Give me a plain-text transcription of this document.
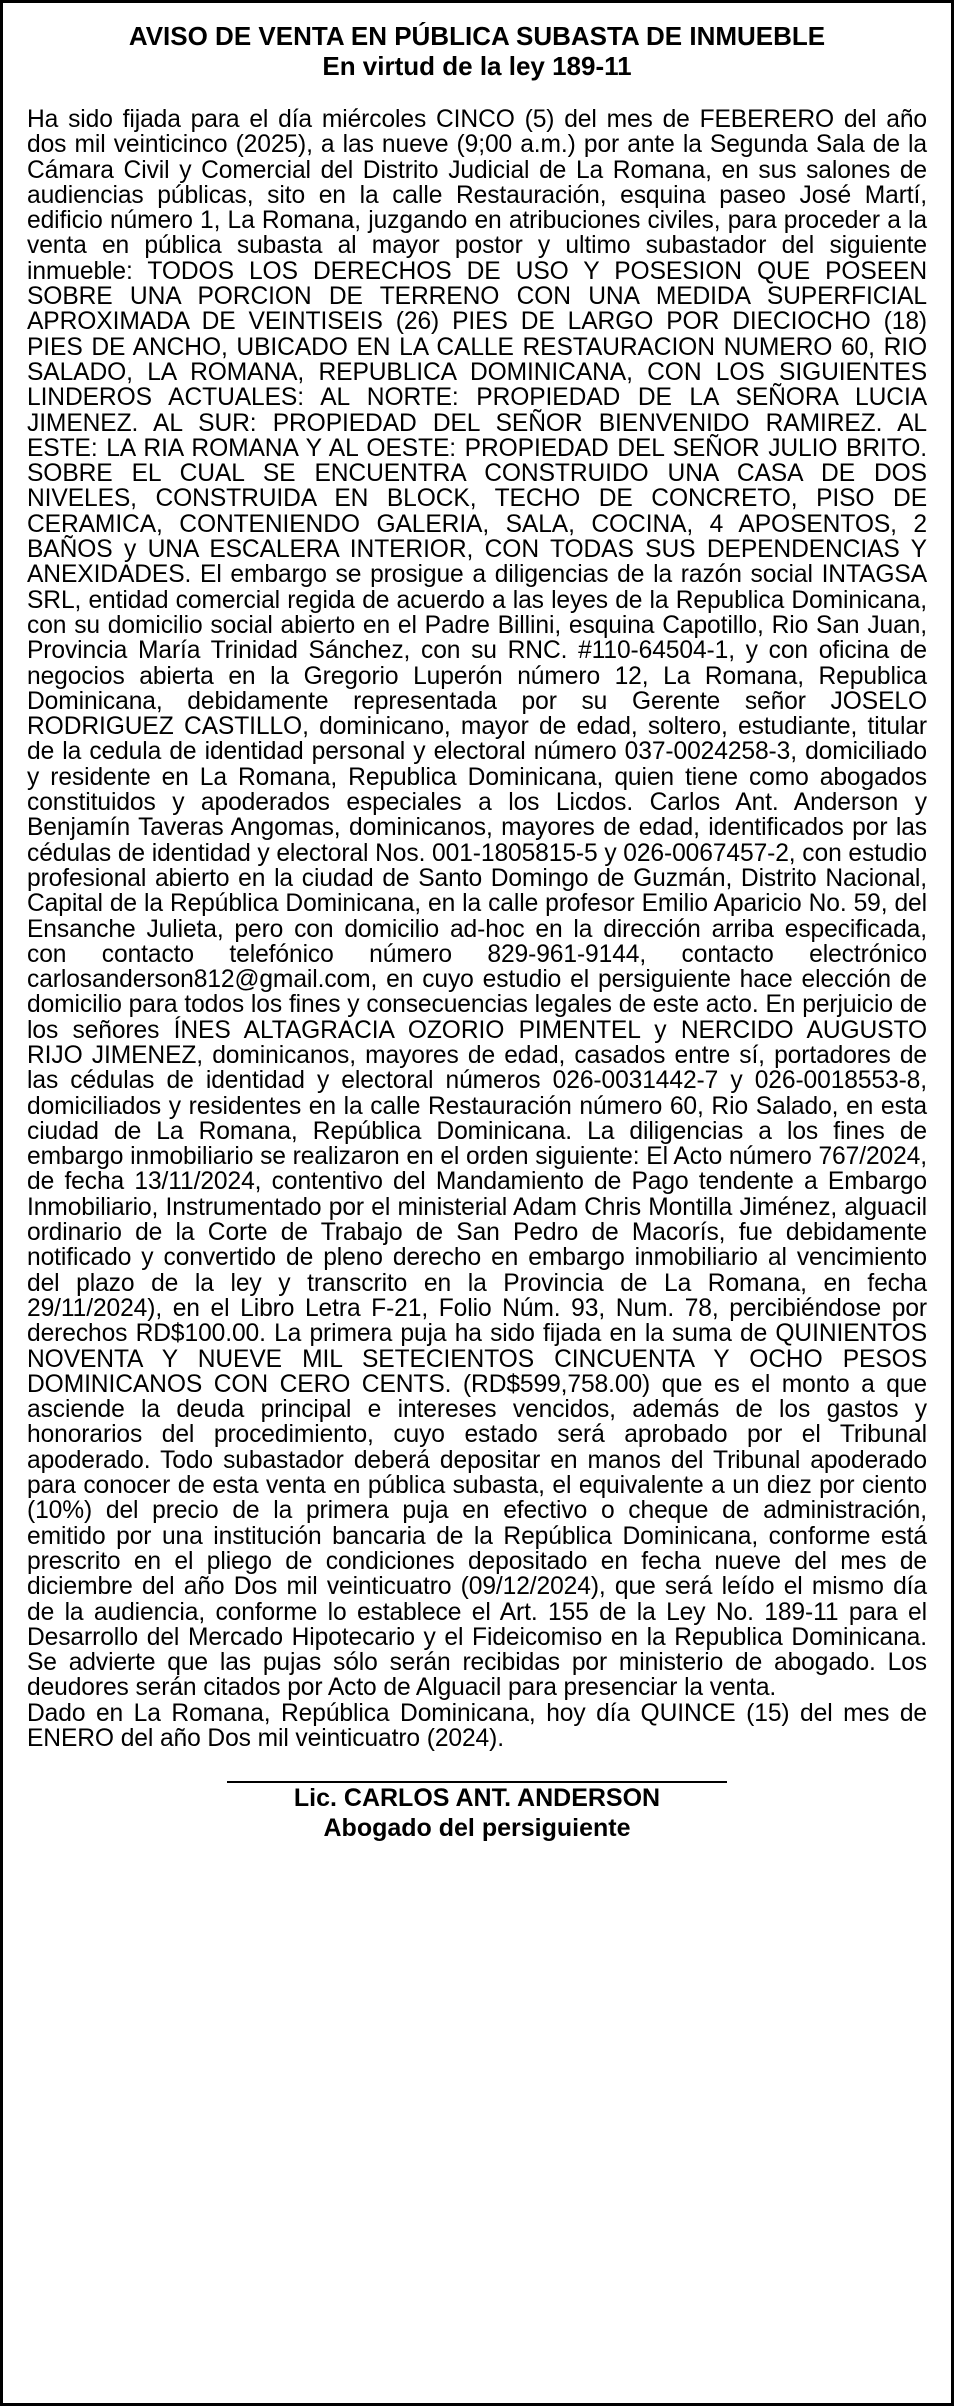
AVISO DE VENTA EN PÚBLICA SUBASTA DE INMUEBLE
En virtud de la ley 189-11

Ha sido fijada para el día miércoles CINCO (5) del mes de FEBERERO del año dos mil veinticinco (2025), a las nueve (9;00 a.m.) por ante la Segunda Sala de la Cámara Civil y Comercial del Distrito Judicial de La Romana, en sus salones de audiencias públicas, sito en la calle Restauración, esquina paseo José Martí, edificio número 1, La Romana, juzgando en atribuciones civiles, para proceder a la venta en pública subasta al mayor postor y ultimo subastador del siguiente inmueble: TODOS LOS DERECHOS DE USO Y POSESION QUE POSEEN SOBRE UNA PORCION DE TERRENO CON UNA MEDIDA SUPERFICIAL APROXIMADA DE VEINTISEIS (26) PIES DE LARGO POR DIECIOCHO (18) PIES DE ANCHO, UBICADO EN LA CALLE RESTAURACION NUMERO 60, RIO SALADO, LA ROMANA, REPUBLICA DOMINICANA, CON LOS SIGUIENTES LINDEROS ACTUALES: AL NORTE: PROPIEDAD DE LA SEÑORA LUCIA JIMENEZ. AL SUR: PROPIEDAD DEL SEÑOR BIENVENIDO RAMIREZ. AL ESTE: LA RIA ROMANA Y AL OESTE: PROPIEDAD DEL SEÑOR JULIO BRITO. SOBRE EL CUAL SE ENCUENTRA CONSTRUIDO UNA CASA DE DOS NIVELES, CONSTRUIDA EN BLOCK, TECHO DE CONCRETO, PISO DE CERAMICA, CONTENIENDO GALERIA, SALA, COCINA, 4 APOSENTOS, 2 BAÑOS y UNA ESCALERA INTERIOR, CON TODAS SUS DEPENDENCIAS Y ANEXIDADES. El embargo se prosigue a diligencias de la razón social INTAGSA SRL, entidad comercial regida de acuerdo a las leyes de la Republica Dominicana, con su domicilio social abierto en el Padre Billini, esquina Capotillo, Rio San Juan, Provincia María Trinidad Sánchez, con su RNC. #110-64504-1, y con oficina de negocios abierta en la Gregorio Luperón número 12, La Romana, Republica Dominicana, debidamente representada por su Gerente señor JOSELO RODRIGUEZ CASTILLO, dominicano, mayor de edad, soltero, estudiante, titular de la cedula de identidad personal y electoral número 037-0024258-3, domiciliado y residente en La Romana, Republica Dominicana, quien tiene como abogados constituidos y apoderados especiales a los Licdos. Carlos Ant. Anderson y Benjamín Taveras Angomas, dominicanos, mayores de edad, identificados por las cédulas de identidad y electoral Nos. 001-1805815-5 y 026-0067457-2, con estudio profesional abierto en la ciudad de Santo Domingo de Guzmán, Distrito Nacional, Capital de la República Dominicana, en la calle profesor Emilio Aparicio No. 59, del Ensanche Julieta, pero con domicilio ad-hoc en la dirección arriba especificada, con contacto telefónico número 829-961-9144, contacto electrónico carlosanderson812@gmail.com, en cuyo estudio el persiguiente hace elección de domicilio para todos los fines y consecuencias legales de este acto. En perjuicio de los señores ÍNES ALTAGRACIA OZORIO PIMENTEL y NERCIDO AUGUSTO RIJO JIMENEZ, dominicanos, mayores de edad, casados entre sí, portadores de las cédulas de identidad y electoral números 026-0031442-7 y 026-0018553-8, domiciliados y residentes en la calle Restauración número 60, Rio Salado, en esta ciudad de La Romana, República Dominicana. La diligencias a los fines de embargo inmobiliario se realizaron en el orden siguiente: El Acto número 767/2024, de fecha 13/11/2024, contentivo del Mandamiento de Pago tendente a Embargo Inmobiliario, Instrumentado por el ministerial Adam Chris Montilla Jiménez, alguacil ordinario de la Corte de Trabajo de San Pedro de Macorís, fue debidamente notificado y convertido de pleno derecho en embargo inmobiliario al vencimiento del plazo de la ley y transcrito en la Provincia de La Romana, en fecha 29/11/2024), en el Libro Letra F-21, Folio Núm. 93, Num. 78, percibiéndose por derechos RD$100.00. La primera puja ha sido fijada en la suma de QUINIENTOS NOVENTA Y NUEVE MIL SETECIENTOS CINCUENTA Y OCHO PESOS DOMINICANOS CON CERO CENTS. (RD$599,758.00) que es el monto a que asciende la deuda principal e intereses vencidos, además de los gastos y honorarios del procedimiento, cuyo estado será aprobado por el Tribunal apoderado. Todo subastador deberá depositar en manos del Tribunal apoderado para conocer de esta venta en pública subasta, el equivalente a un diez por ciento (10%) del precio de la primera puja en efectivo o cheque de administración, emitido por una institución bancaria de la República Dominicana, conforme está prescrito en el pliego de condiciones depositado en fecha nueve del mes de diciembre del año Dos mil veinticuatro (09/12/2024), que será leído el mismo día de la audiencia, conforme lo establece el Art. 155 de la Ley No. 189-11 para el Desarrollo del Mercado Hipotecario y el Fideicomiso en la Republica Dominicana. Se advierte que las pujas sólo serán recibidas por ministerio de abogado. Los deudores serán citados por Acto de Alguacil para presenciar la venta.

Dado en La Romana, República Dominicana, hoy día QUINCE (15) del mes de ENERO del año Dos mil veinticuatro (2024).

Lic. CARLOS ANT. ANDERSON
Abogado del persiguiente
